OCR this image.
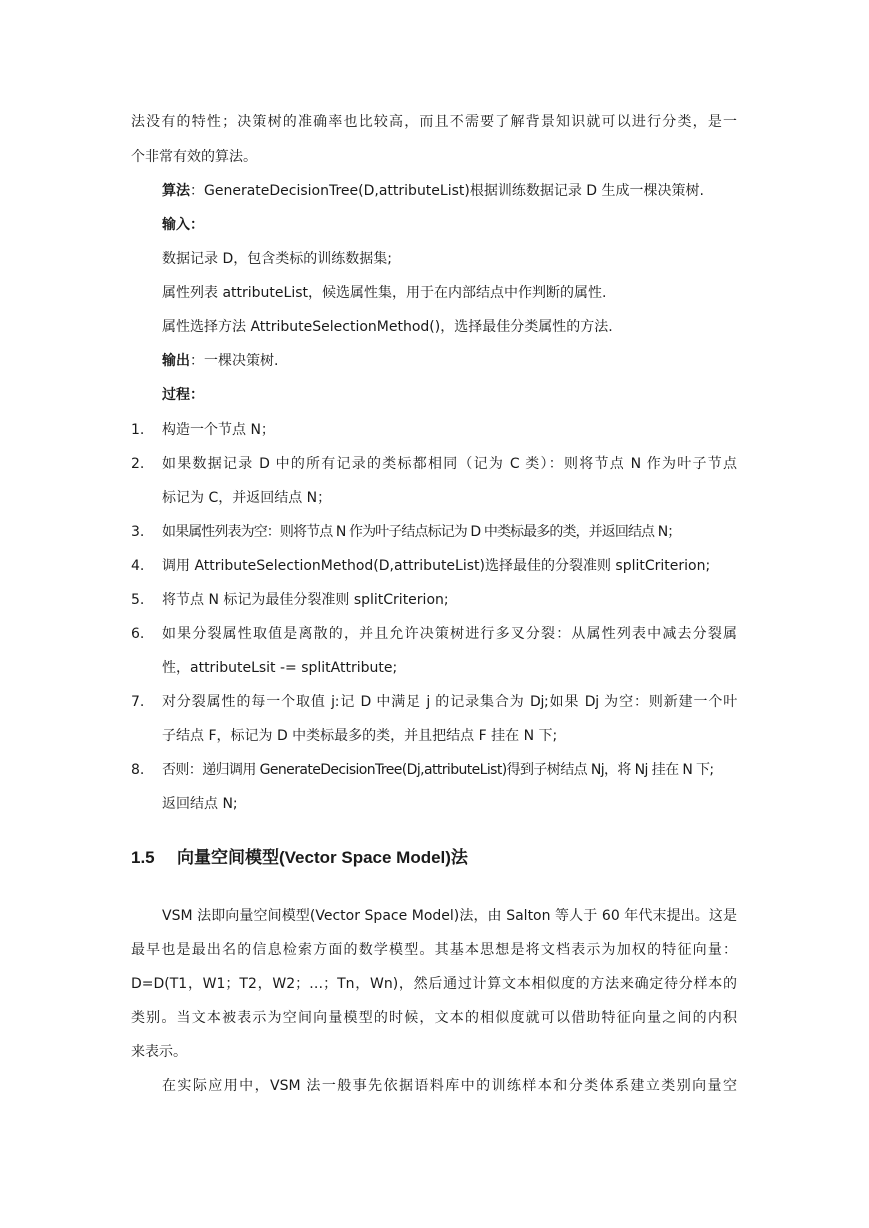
法没有的特性；决策树的准确率也比较高，而且不需要了解背景知识就可以进行分类，是一
个非常有效的算法。
算法：GenerateDecisionTree(D,attributeList)根据训练数据记录 D 生成一棵决策树.
输入：
数据记录 D，包含类标的训练数据集;
属性列表 attributeList，候选属性集，用于在内部结点中作判断的属性.
属性选择方法 AttributeSelectionMethod()，选择最佳分类属性的方法.
输出：一棵决策树.
过程：
1. 构造一个节点 N；
2. 如果数据记录 D 中的所有记录的类标都相同（记为 C 类）：则将节点 N 作为叶子节点
标记为 C，并返回结点 N；
3. 如果属性列表为空：则将节点 N 作为叶子结点标记为 D 中类标最多的类，并返回结点 N；
4. 调用 AttributeSelectionMethod(D,attributeList)选择最佳的分裂准则 splitCriterion;
5. 将节点 N 标记为最佳分裂准则 splitCriterion;
6. 如果分裂属性取值是离散的，并且允许决策树进行多叉分裂：从属性列表中减去分裂属
性，attributeLsit -= splitAttribute;
7. 对分裂属性的每一个取值 j:记 D 中满足 j 的记录集合为 Dj;如果 Dj 为空：则新建一个叶
子结点 F，标记为 D 中类标最多的类，并且把结点 F 挂在 N 下;
8. 否则：递归调用 GenerateDecisionTree(Dj,attributeList)得到子树结点 Nj，将 Nj 挂在 N 下;
返回结点 N;
1.5 向量空间模型(Vector Space Model)法
VSM 法即向量空间模型(Vector Space Model)法，由 Salton 等人于 60 年代末提出。这是
最早也是最出名的信息检索方面的数学模型。其基本思想是将文档表示为加权的特征向量：
D=D(T1，W1；T2，W2；…；Tn，Wn)，然后通过计算文本相似度的方法来确定待分样本的
类别。当文本被表示为空间向量模型的时候，文本的相似度就可以借助特征向量之间的内积
来表示。
在实际应用中，VSM 法一般事先依据语料库中的训练样本和分类体系建立类别向量空
